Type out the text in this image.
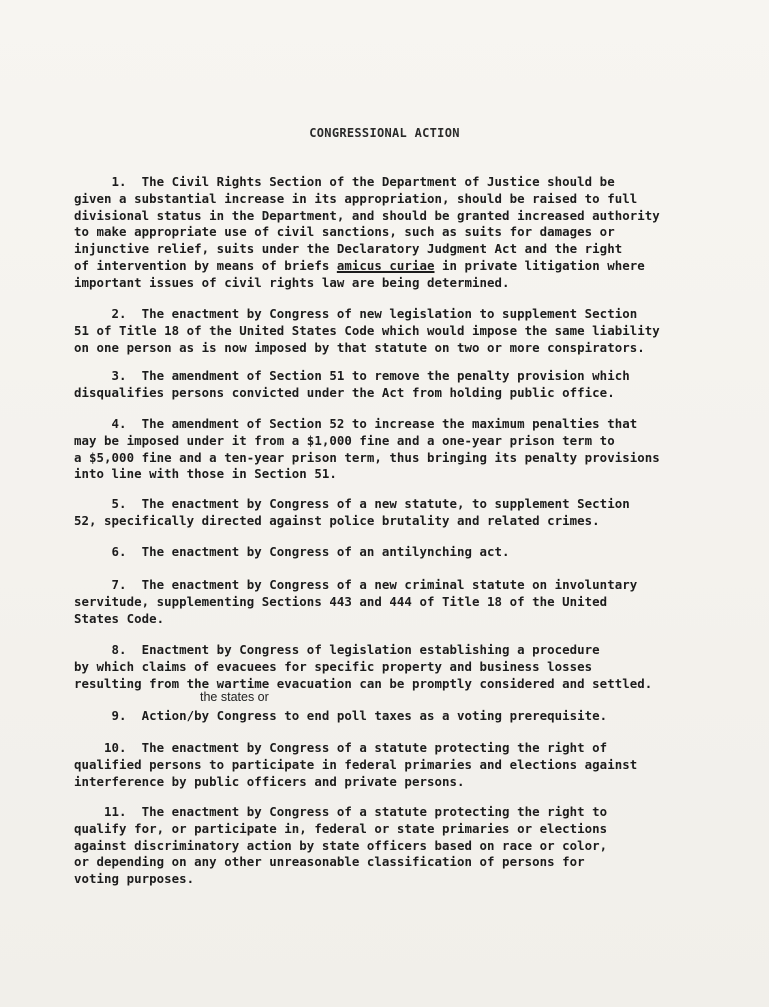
CONGRESSIONAL ACTION
1.  The Civil Rights Section of the Department of Justice should be
given a substantial increase in its appropriation, should be raised to full
divisional status in the Department, and should be granted increased authority
to make appropriate use of civil sanctions, such as suits for damages or
injunctive relief, suits under the Declaratory Judgment Act and the right
of intervention by means of briefs amicus curiae in private litigation where
important issues of civil rights law are being determined.
2.  The enactment by Congress of new legislation to supplement Section
51 of Title 18 of the United States Code which would impose the same liability
on one person as is now imposed by that statute on two or more conspirators.
3.  The amendment of Section 51 to remove the penalty provision which
disqualifies persons convicted under the Act from holding public office.
4.  The amendment of Section 52 to increase the maximum penalties that
may be imposed under it from a $1,000 fine and a one-year prison term to
a $5,000 fine and a ten-year prison term, thus bringing its penalty provisions
into line with those in Section 51.
5.  The enactment by Congress of a new statute, to supplement Section
52, specifically directed against police brutality and related crimes.
6.  The enactment by Congress of an antilynching act.
7.  The enactment by Congress of a new criminal statute on involuntary
servitude, supplementing Sections 443 and 444 of Title 18 of the United
States Code.
8.  Enactment by Congress of legislation establishing a procedure
by which claims of evacuees for specific property and business losses
resulting from the wartime evacuation can be promptly considered and settled.
the states or
9.  Action/by Congress to end poll taxes as a voting prerequisite.
10.  The enactment by Congress of a statute protecting the right of
qualified persons to participate in federal primaries and elections against
interference by public officers and private persons.
11.  The enactment by Congress of a statute protecting the right to
qualify for, or participate in, federal or state primaries or elections
against discriminatory action by state officers based on race or color,
or depending on any other unreasonable classification of persons for
voting purposes.
